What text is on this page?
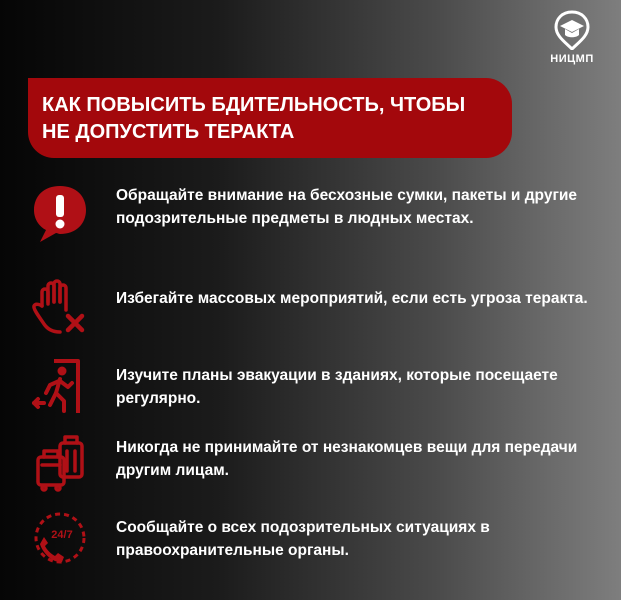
НИЦМП

КАК ПОВЫСИТЬ БДИТЕЛЬНОСТЬ, ЧТОБЫ
НЕ ДОПУСТИТЬ ТЕРАКТА

Обращайте внимание на бесхозные сумки, пакеты и другие подозрительные предметы в людных местах.

Избегайте массовых мероприятий, если есть угроза теракта.

Изучите планы эвакуации в зданиях, которые посещаете регулярно.

Никогда не принимайте от незнакомцев вещи для передачи другим лицам.

24/7	Сообщайте о всех подозрительных ситуациях в правоохранительные органы.
